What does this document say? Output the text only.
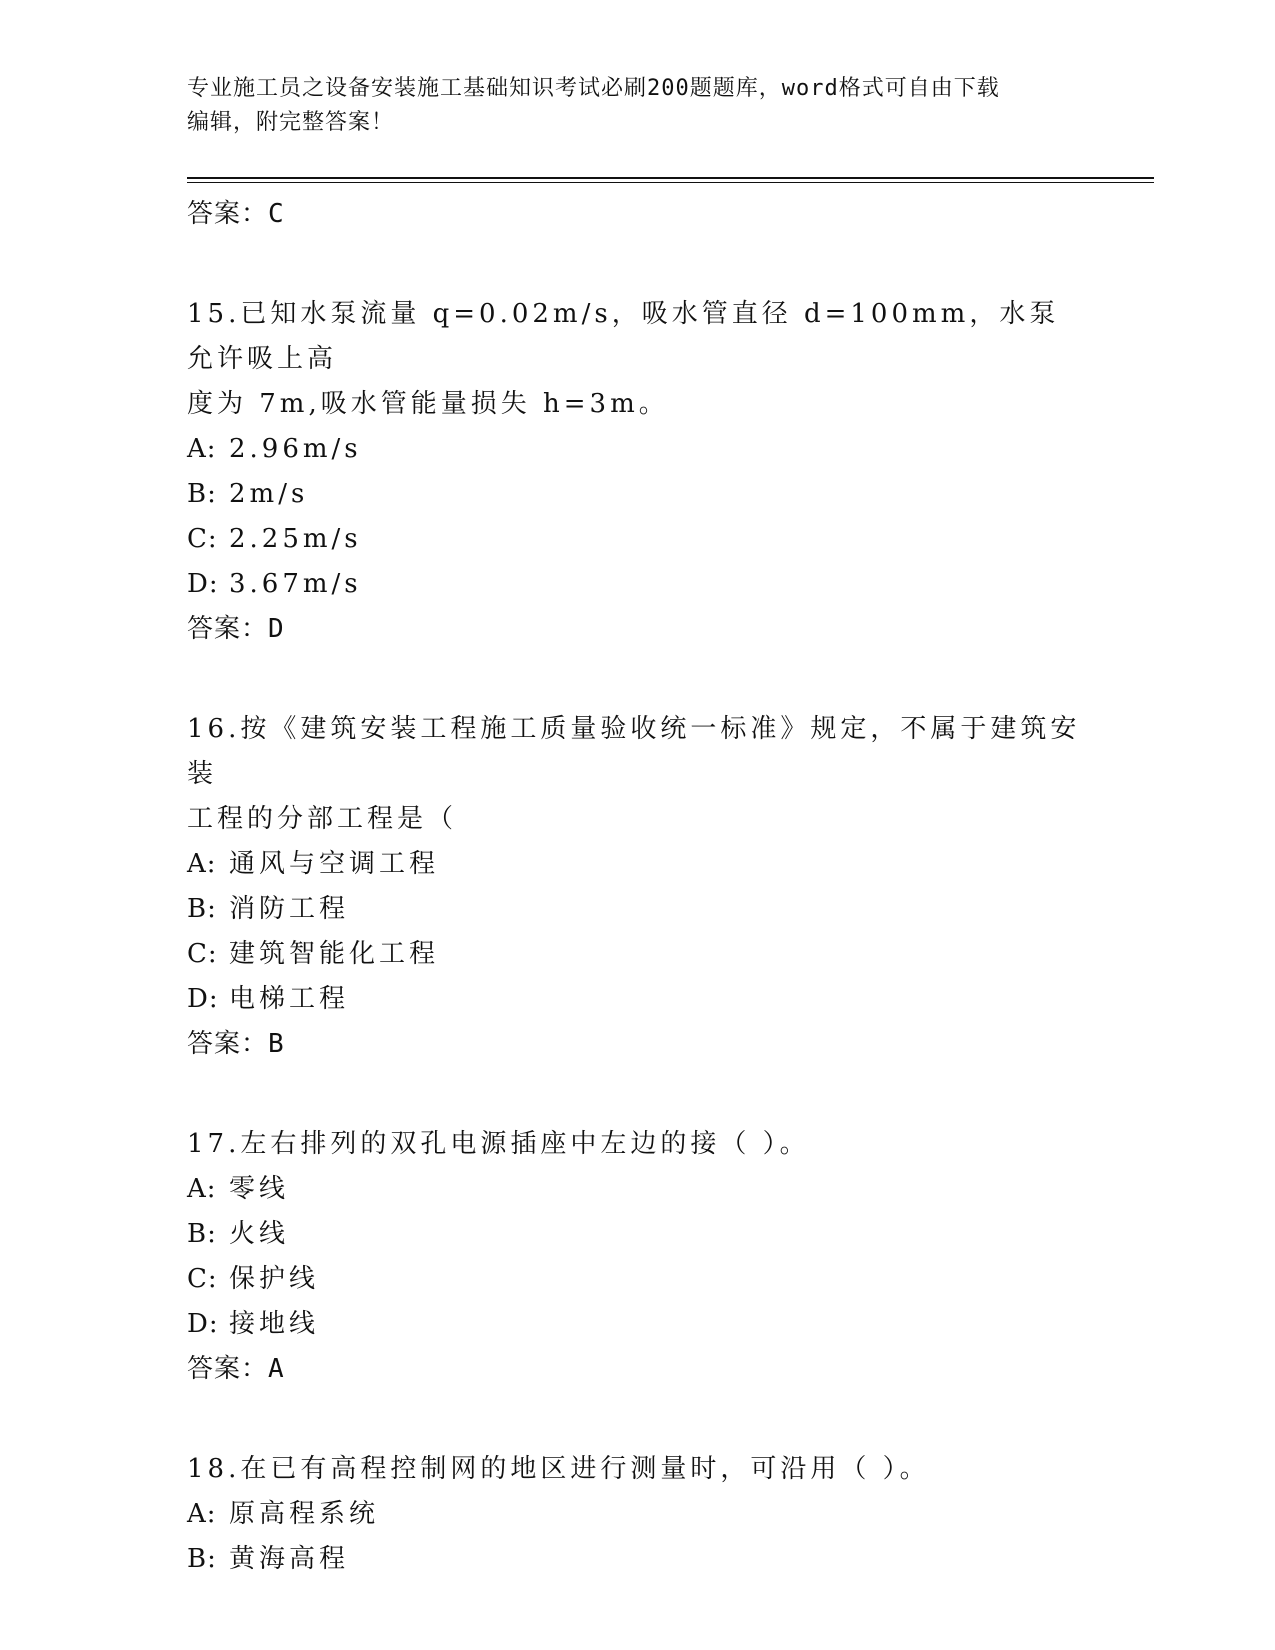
专业施工员之设备安装施工基础知识考试必刷200题题库，word格式可自由下载
编辑，附完整答案！
答案：C
15.已知水泵流量 q=0.02m/s，吸水管直径 d=100mm，水泵允许吸上高
度为 7m,吸水管能量损失 h=3m。
A: 2.96m/s
B: 2m/s
C: 2.25m/s
D: 3.67m/s
答案：D
16.按《建筑安装工程施工质量验收统一标准》规定，不属于建筑安装
工程的分部工程是（
A: 通风与空调工程
B: 消防工程
C: 建筑智能化工程
D: 电梯工程
答案：B
17.左右排列的双孔电源插座中左边的接（ ）。
A: 零线
B: 火线
C: 保护线
D: 接地线
答案：A
18.在已有高程控制网的地区进行测量时，可沿用（ ）。
A: 原高程系统
B: 黄海高程
